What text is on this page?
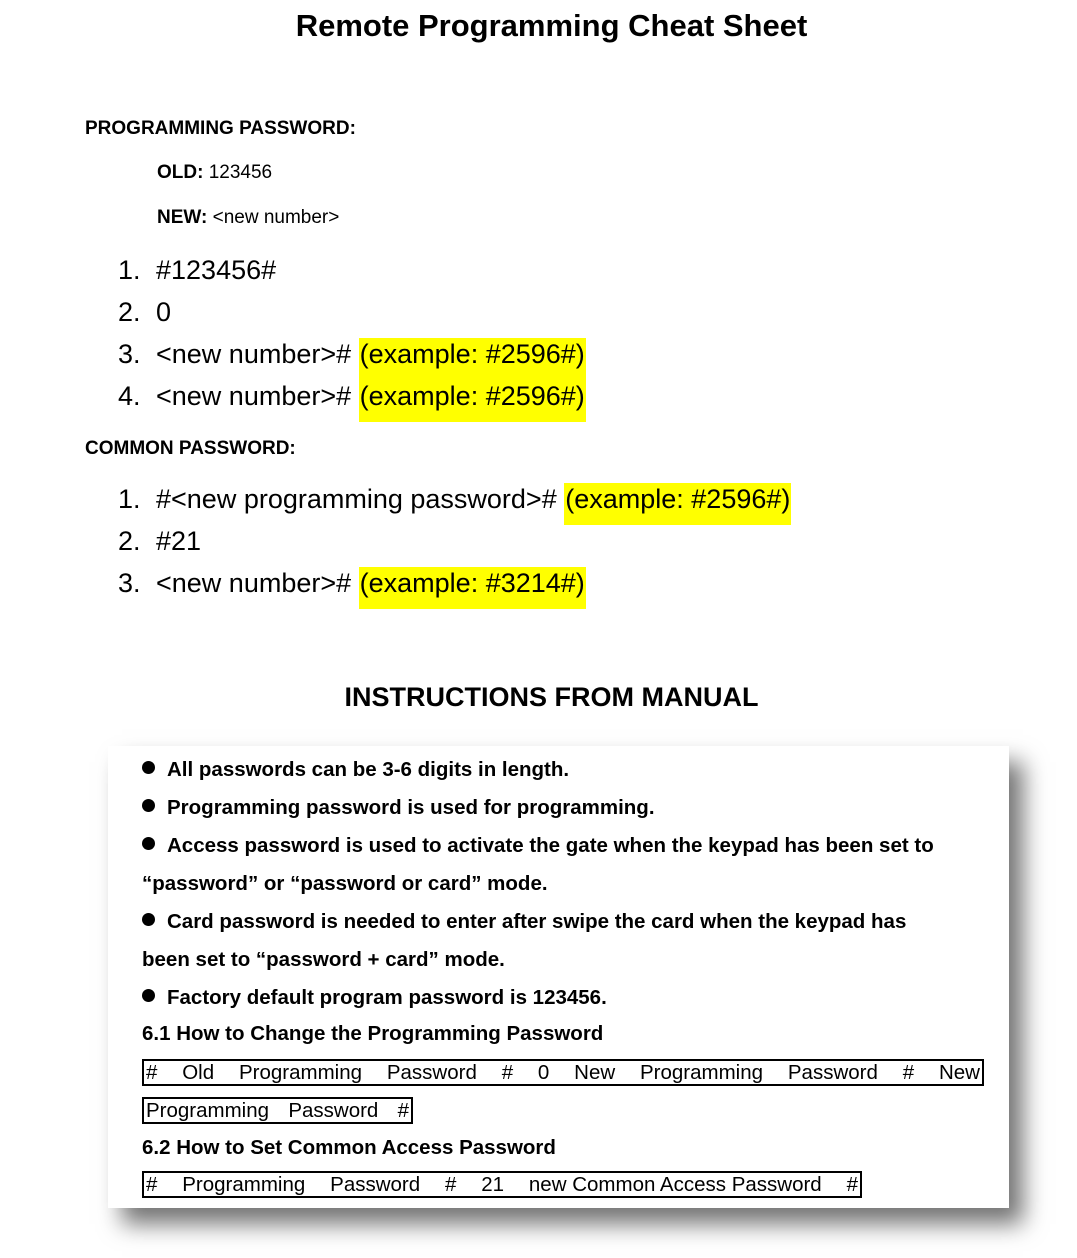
Remote Programming Cheat Sheet
PROGRAMMING PASSWORD:
OLD: 123456
NEW: <new number>
1. #123456#
2. 0
3. <new number>#
(example: #2596#)
4. <new number>#
(example: #2596#)
COMMON PASSWORD:
1. #<new programming password>#
(example: #2596#)
2. #21
3. <new number>#
(example: #3214#)
INSTRUCTIONS FROM MANUAL
All passwords can be 3-6 digits in length.
Programming password is used for programming.
Access password is used to activate the gate when the keypad has been set to
“password” or “password or card” mode.
Card password is needed to enter after swipe the card when the keypad has
been set to “password + card” mode.
Factory default program password is 123456.
6.1 How to Change the Programming Password
# Old Programming Password # 0 New Programming Password # New
Programming Password #
6.2 How to Set Common Access Password
# Programming Password # 21 new Common Access Password #
